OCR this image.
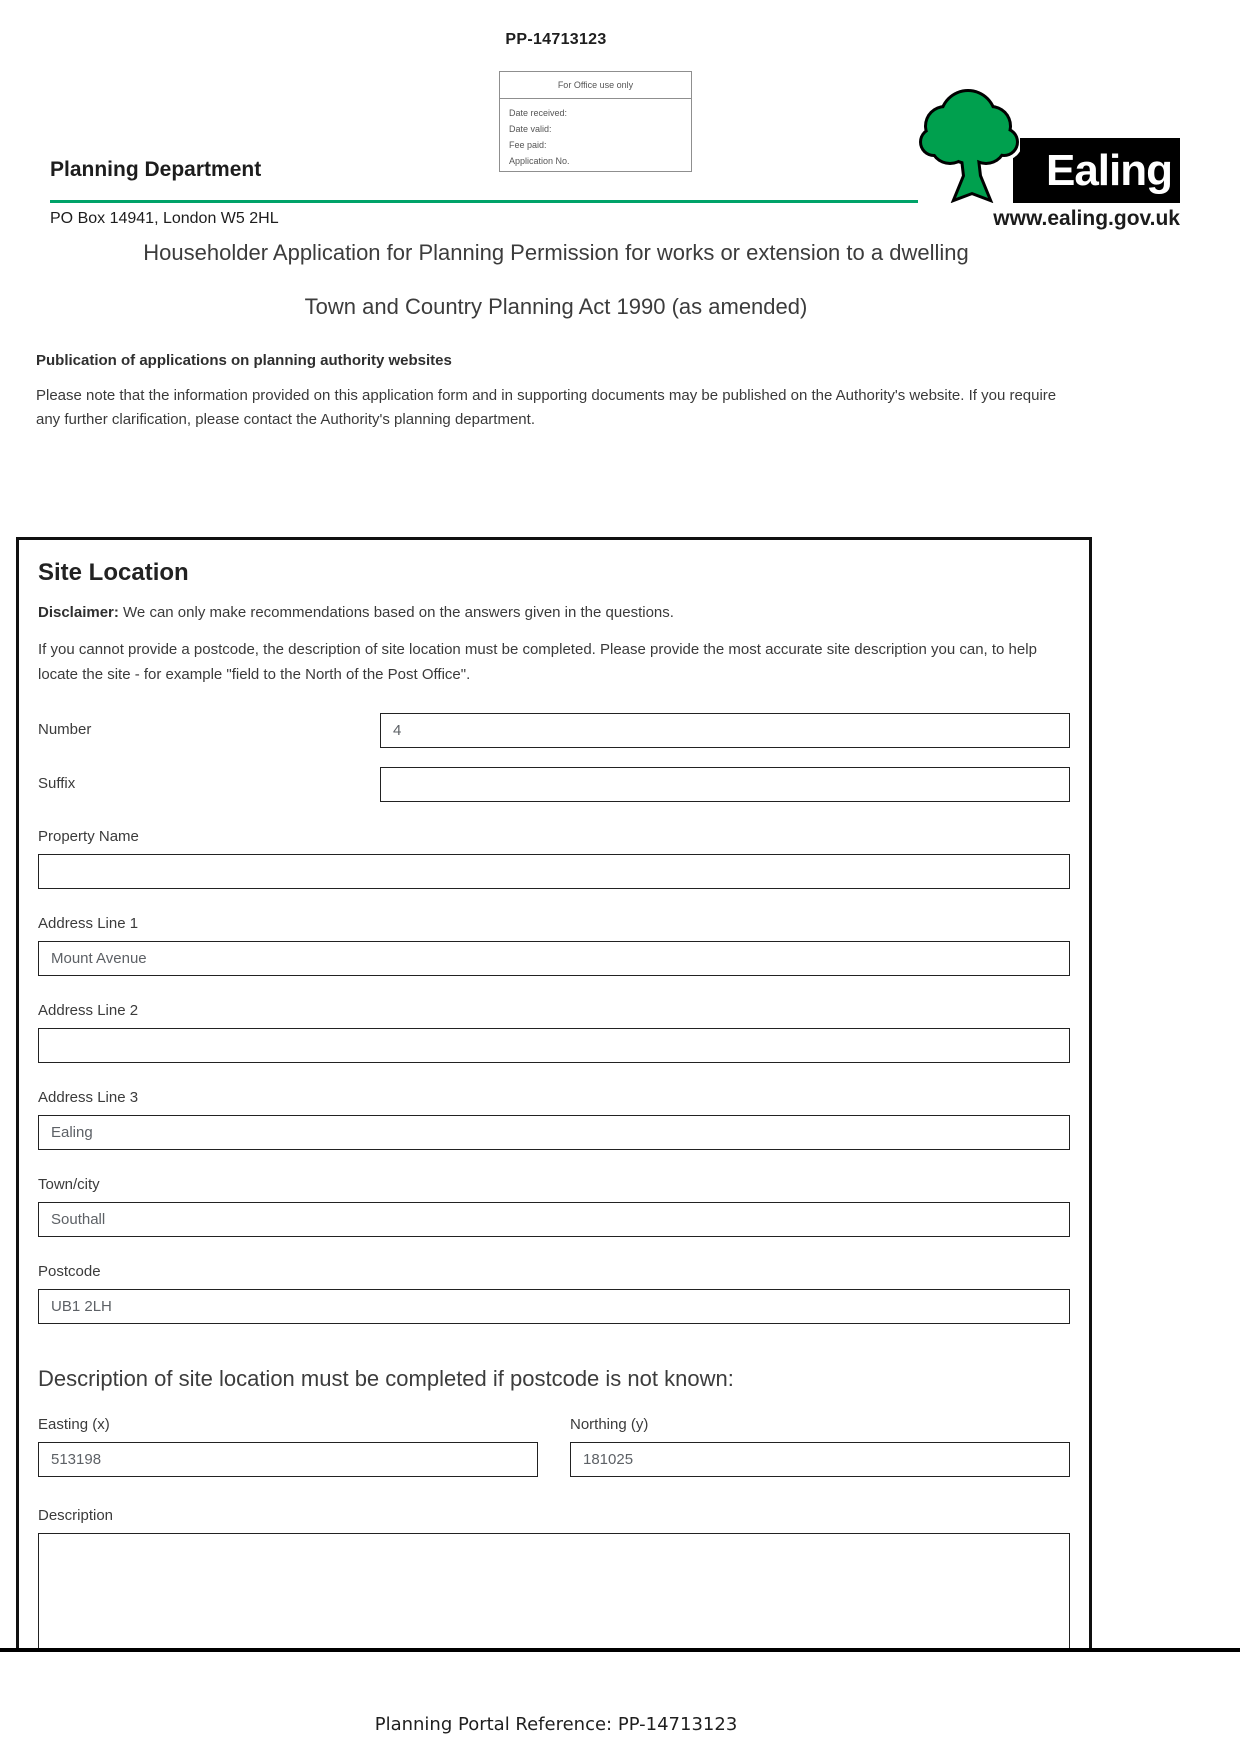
PP-14713123
For Office use only
Date received:
Date valid:
Fee paid:
Application No.
Planning Department
PO Box 14941, London W5 2HL
Ealing
www.ealing.gov.uk
Householder Application for Planning Permission for works or extension to a dwelling
Town and Country Planning Act 1990 (as amended)
Publication of applications on planning authority websites
Please note that the information provided on this application form and in supporting documents may be published on the Authority's website. If you require any further clarification, please contact the Authority's planning department.
Site Location

Disclaimer: We can only make recommendations based on the answers given in the questions.

If you cannot provide a postcode, the description of site location must be completed. Please provide the most accurate site description you can, to help locate the site - for example "field to the North of the Post Office".

Number
4
Suffix
Property Name
Address Line 1 Mount Avenue
Address Line 2
Address Line 3 Ealing
Town/city Southall
Postcode UB1 2LH
Description of site location must be completed if postcode is not known:
Easting (x) 513198	Northing (y) 181025
Description
Planning Portal Reference: PP-14713123
